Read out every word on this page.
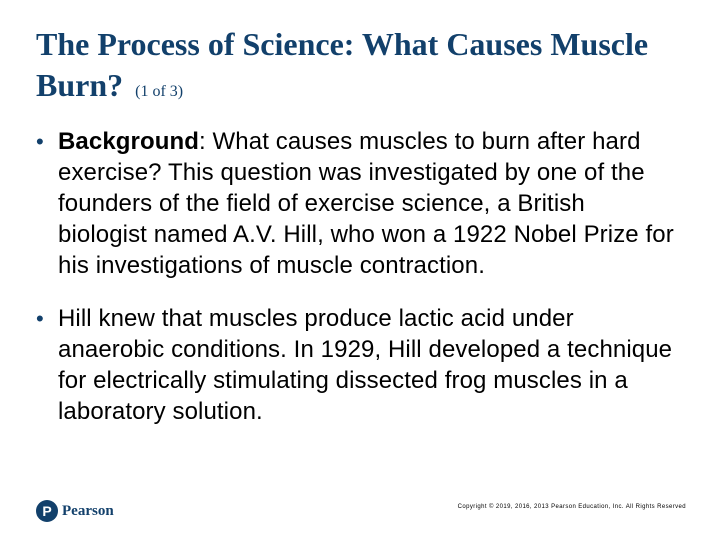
The Process of Science: What Causes Muscle Burn? (1 of 3)
• Background: What causes muscles to burn after hard exercise? This question was investigated by one of the founders of the field of exercise science, a British biologist named A.V. Hill, who won a 1922 Nobel Prize for his investigations of muscle contraction.
• Hill knew that muscles produce lactic acid under anaerobic conditions. In 1929, Hill developed a technique for electrically stimulating dissected frog muscles in a laboratory solution.
P Pearson	Copyright © 2019, 2016, 2013 Pearson Education, Inc. All Rights Reserved
